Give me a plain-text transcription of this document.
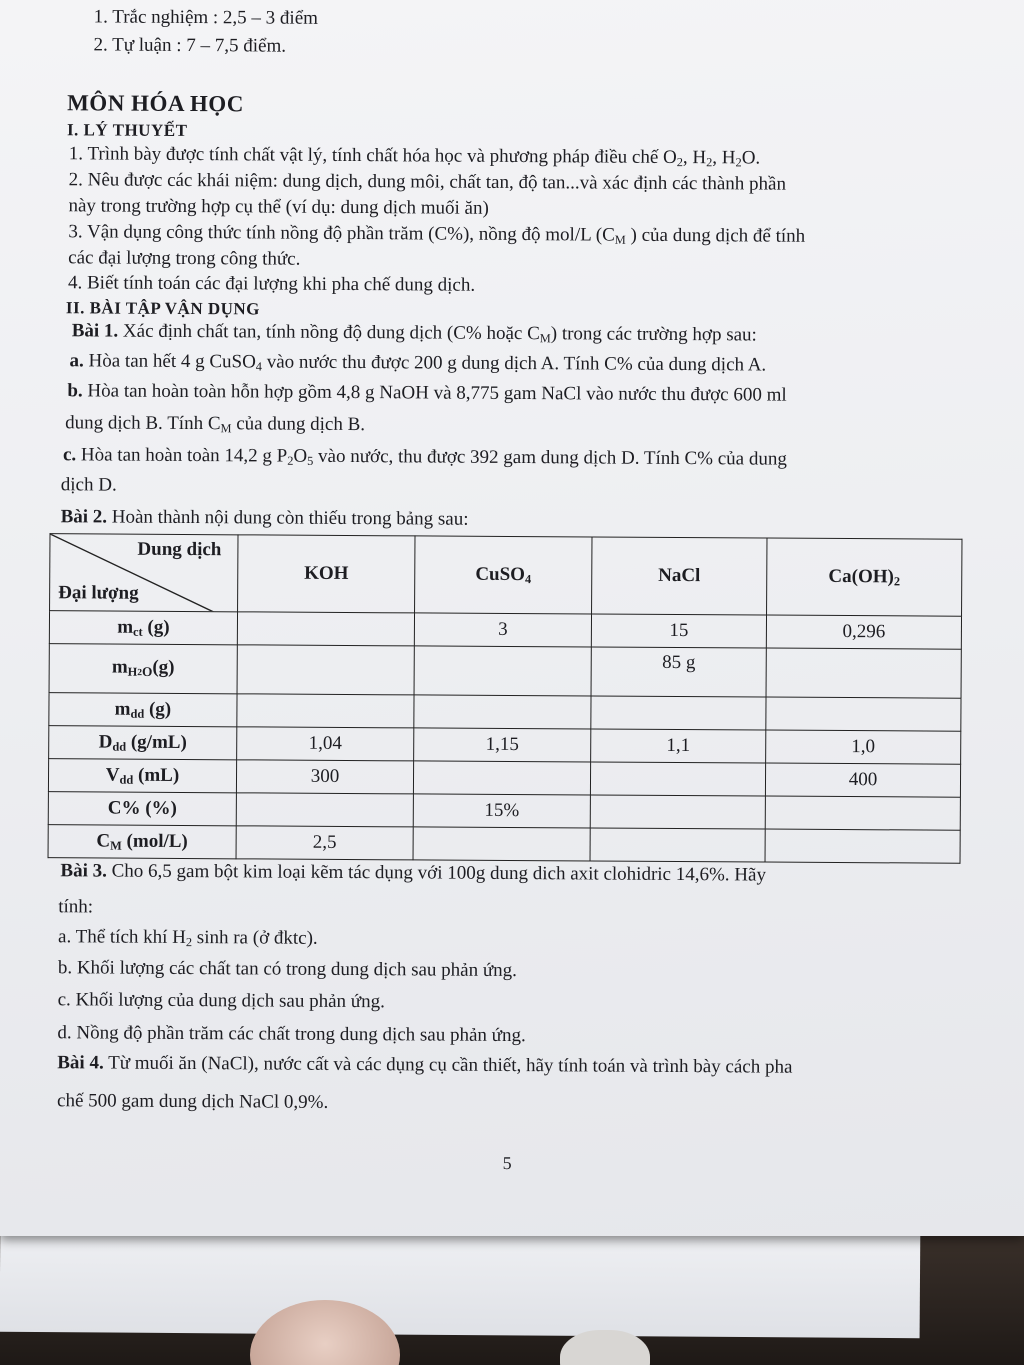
1. Trắc nghiệm : 2,5 – 3 điểm
2. Tự luận : 7 – 7,5 điểm.
MÔN HÓA HỌC
I. LÝ THUYẾT
1. Trình bày được tính chất vật lý, tính chất hóa học và phương pháp điều chế $O_2$, $H_2$, $H_2O$.
2. Nêu được các khái niệm: dung dịch, dung môi, chất tan, độ tan...và xác định các thành phần
này trong trường hợp cụ thể (ví dụ: dung dịch muối ăn)
3. Vận dụng công thức tính nồng độ phần trăm (C%), nồng độ mol/L ($C_M$ ) của dung dịch để tính
các đại lượng trong công thức.
4. Biết tính toán các đại lượng khi pha chế dung dịch.
II. BÀI TẬP VẬN DỤNG
Bài 1. Xác định chất tan, tính nồng độ dung dịch (C% hoặc $C_M$) trong các trường hợp sau:
a. Hòa tan hết 4 g CuSO$_4$ vào nước thu được 200 g dung dịch A. Tính C% của dung dịch A.
b. Hòa tan hoàn toàn hỗn hợp gồm 4,8 g NaOH và 8,775 gam NaCl vào nước thu được 600 ml
dung dịch B. Tính $C_M$ của dung dịch B.
c. Hòa tan hoàn toàn 14,2 g $P_2O_5$ vào nước, thu được 392 gam dung dịch D. Tính C% của dung
dịch D.
Bài 2. Hoàn thành nội dung còn thiếu trong bảng sau:
Dung dịch
Đại lượng	KOH	CuSO$_4$	NaCl	$Ca(OH)_2$
$m_{ct}$ (g)		3	15	0,296
$m_{H2}O(g)$			85 g	
$m_{dd}$ (g)				
$D_{dd}$ (g/mL)	1,04	1,15	1,1	1,0
$V_{dd}$ (mL)	300			400
C% (%)		15%		
$C_M$ (mol/L)	2,5			
Bài 3. Cho 6,5 gam bột kim loại kẽm tác dụng với 100g dung dich axit clohidric 14,6%. Hãy
tính:
a. Thể tích khí $H_2$ sinh ra (ở đktc).
b. Khối lượng các chất tan có trong dung dịch sau phản ứng.
c. Khối lượng của dung dịch sau phản ứng.
d. Nồng độ phần trăm các chất trong dung dịch sau phản ứng.
Bài 4. Từ muối ăn (NaCl), nước cất và các dụng cụ cần thiết, hãy tính toán và trình bày cách pha
chế 500 gam dung dịch NaCl 0,9%.
5
